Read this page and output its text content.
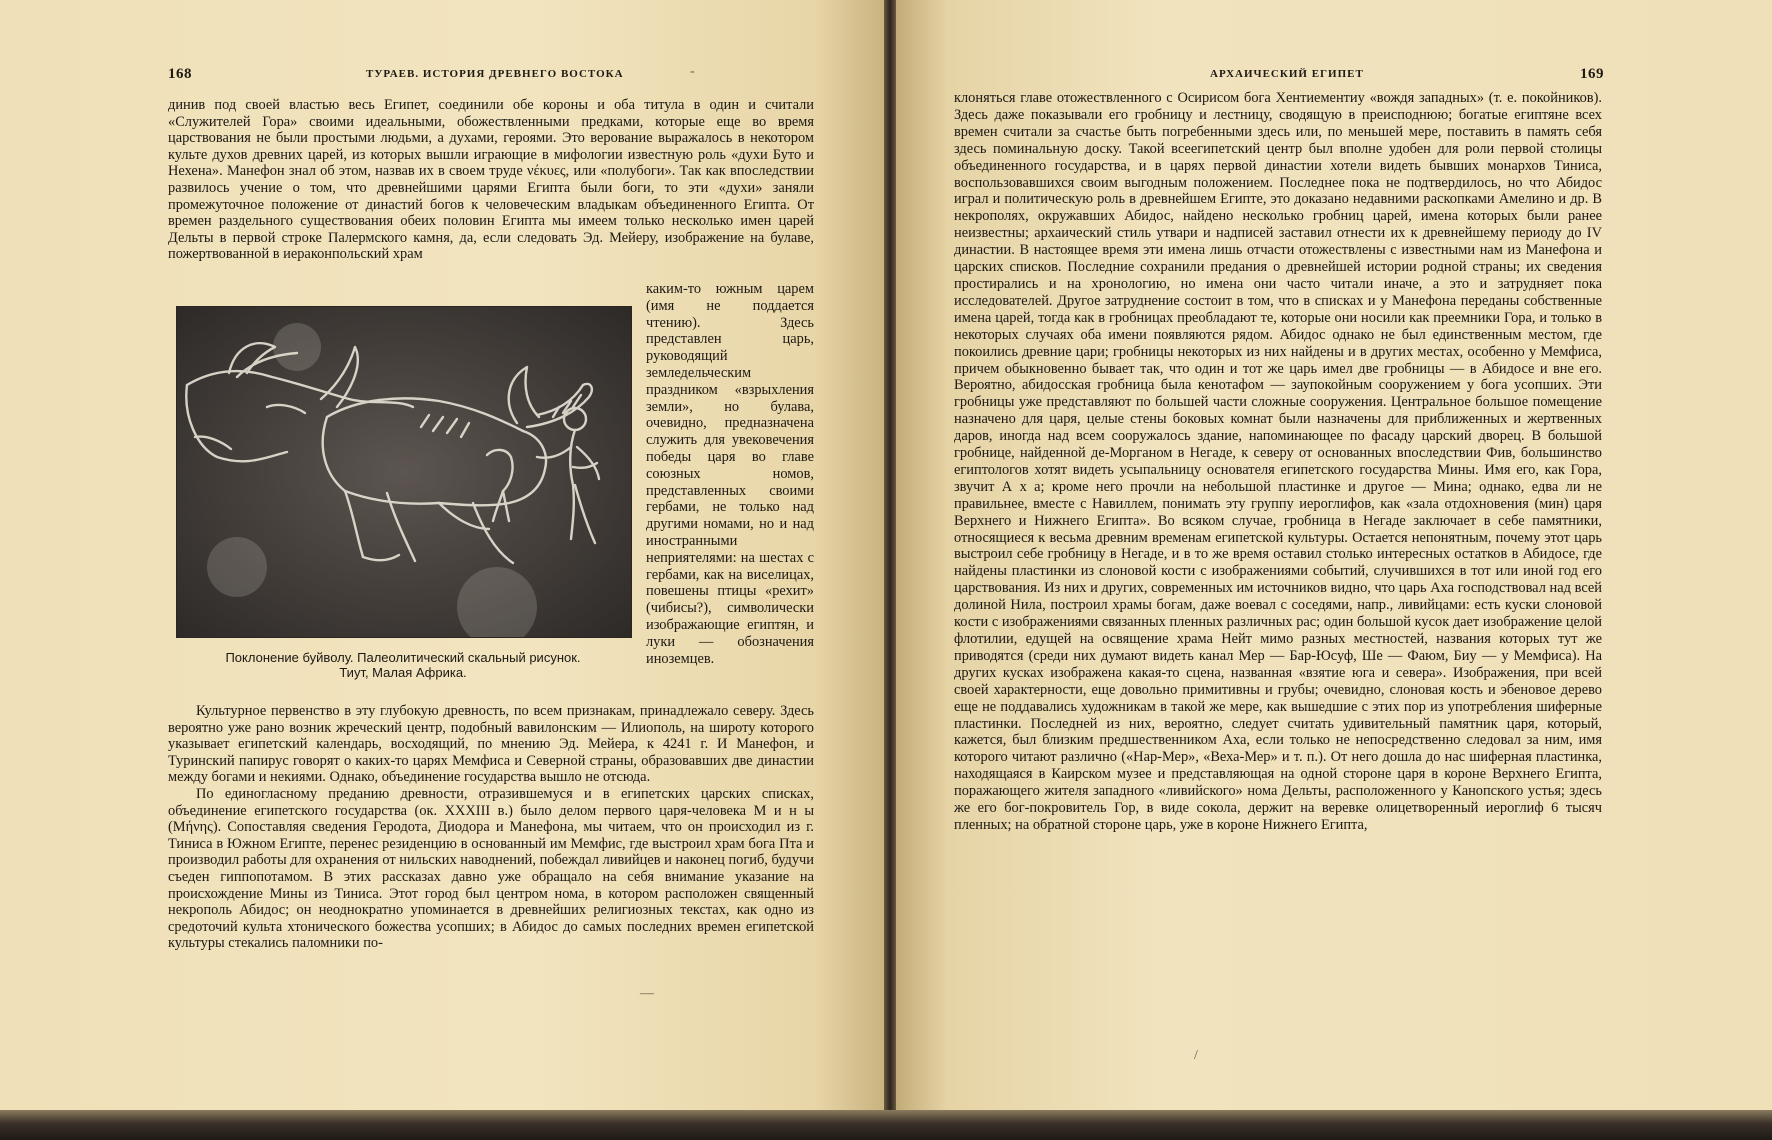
168	ТУРАЕВ. ИСТОРИЯ ДРЕВНЕГО ВОСТОКА

динив под своей властью весь Египет, соединили обе короны и оба титула в один и считали «Служителей Гора» своими идеальными, обожествленными предками, которые еще во время царствования не были простыми людьми, а духами, героями. Это верование выражалось в некотором культе духов древних царей, из которых вышли играющие в мифологии известную роль «духи Буто и Нехена». Манефон знал об этом, назвав их в своем труде νέκυες, или «полубоги». Так как впоследствии развилось учение о том, что древнейшими царями Египта были боги, то эти «духи» заняли промежуточное положение от династий богов к человеческим владыкам объединенного Египта. От времен раздельного существования обеих половин Египта мы имеем только несколько имен царей Дельты в первой строке Палермского камня, да, если следовать Эд. Мейеру, изображение на булаве, пожертвованной в иераконпольский храм

Поклонение буйволу. Палеолитический скальный рисунок.
Тиут, Малая Африка.

каким-то южным царем (имя не поддается чтению). Здесь представлен царь, руководящий земледельческим праздником «взрыхления земли», но булава, очевидно, предназначена служить для увековечения победы царя во главе союзных номов, представленных своими гербами, не только над другими номами, но и над иностранными неприятелями: на шестах с гербами, как на виселицах, повешены птицы «рехит» (чибисы?), символически изображающие египтян, и луки — обозначения иноземцев.

Культурное первенство в эту глубокую древность, по всем признакам, принадлежало северу. Здесь вероятно уже рано возник жреческий центр, подобный вавилонским — Илиополь, на широту которого указывает египетский календарь, восходящий, по мнению Эд. Мейера, к 4241 г. И Манефон, и Туринский папирус говорят о каких-то царях Мемфиса и Северной страны, образовавших две династии между богами и некиями. Однако, объединение государства вышло не отсюда.

По единогласному преданию древности, отразившемуся и в египетских царских списках, объединение египетского государства (ок. XXXIII в.) было делом первого царя-человека М и н ы (Μήνης). Сопоставляя сведения Геродота, Диодора и Манефона, мы читаем, что он происходил из г. Тиниса в Южном Египте, перенес резиденцию в основанный им Мемфис, где выстроил храм бога Пта и производил работы для охранения от нильских наводнений, побеждал ливийцев и наконец погиб, будучи съеден гиппопотамом. В этих рассказах давно уже обращало на себя внимание указание на происхождение Мины из Тиниса. Этот город был центром нома, в котором расположен священный некрополь Абидос; он неоднократно упоминается в древнейших религиозных текстах, как одно из средоточий культа хтонического божества усопших; в Абидос до самых последних времен египетской культуры стекались паломники по-

—
‐	АРХАИЧЕСКИЙ ЕГИПЕТ	169

клоняться главе отожествленного с Осирисом бога Хентиементиу «вождя западных» (т. е. покойников). Здесь даже показывали его гробницу и лестницу, сводящую в преисподнюю; богатые египтяне всех времен считали за счастье быть погребенными здесь или, по меньшей мере, поставить в память себя здесь поминальную доску. Такой всеегипетский центр был вполне удобен для роли первой столицы объединенного государства, и в царях первой династии хотели видеть бывших монархов Тиниса, воспользовавшихся своим выгодным положением. Последнее пока не подтвердилось, но что Абидос играл и политическую роль в древнейшем Египте, это доказано недавними раскопками Амелино и др. В некрополях, окружавших Абидос, найдено несколько гробниц царей, имена которых были ранее неизвестны; архаический стиль утвари и надписей заставил отнести их к древнейшему периоду до IV династии. В настоящее время эти имена лишь отчасти отожествлены с известными нам из Манефона и царских списков. Последние сохранили предания о древнейшей истории родной страны; их сведения простирались и на хронологию, но имена они часто читали иначе, а это и затрудняет пока исследователей. Другое затруднение состоит в том, что в списках и у Манефона переданы собственные имена царей, тогда как в гробницах преобладают те, которые они носили как преемники Гора, и только в некоторых случаях оба имени появляются рядом. Абидос однако не был единственным местом, где покоились древние цари; гробницы некоторых из них найдены и в других местах, особенно у Мемфиса, причем обыкновенно бывает так, что один и тот же царь имел две гробницы — в Абидосе и вне его. Вероятно, абидосская гробница была кенотафом — заупокойным сооружением у бога усопших. Эти гробницы уже представляют по большей части сложные сооружения. Центральное большое помещение назначено для царя, целые стены боковых комнат были назначены для приближенных и жертвенных даров, иногда над всем сооружалось здание, напоминающее по фасаду царский дворец. В большой гробнице, найденной де-Морганом в Негаде, к северу от основанных впоследствии Фив, большинство египтологов хотят видеть усыпальницу основателя египетского государства Мины. Имя его, как Гора, звучит А х а; кроме него прочли на небольшой пластинке и другое — Мина; однако, едва ли не правильнее, вместе с Навиллем, понимать эту группу иероглифов, как «зала отдохновения (мин) царя Верхнего и Нижнего Египта». Во всяком случае, гробница в Негаде заключает в себе памятники, относящиеся к весьма древним временам египетской культуры. Остается непонятным, почему этот царь выстроил себе гробницу в Негаде, и в то же время оставил столько интересных остатков в Абидосе, где найдены пластинки из слоновой кости с изображениями событий, случившихся в тот или иной год его царствования. Из них и других, современных им источников видно, что царь Аха господствовал над всей долиной Нила, построил храмы богам, даже воевал с соседями, напр., ливийцами: есть куски слоновой кости с изображениями связанных пленных различных рас; один большой кусок дает изображение целой флотилии, едущей на освящение храма Нейт мимо разных местностей, названия которых тут же приводятся (среди них думают видеть канал Мер — Бар-Юсуф, Ше — Фаюм, Биу — у Мемфиса). На других кусках изображена какая-то сцена, названная «взятие юга и севера». Изображения, при всей своей характерности, еще довольно примитивны и грубы; очевидно, слоновая кость и эбеновое дерево еще не поддавались художникам в такой же мере, как вышедшие с этих пор из употребления шиферные пластинки. Последней из них, вероятно, следует считать удивительный памятник царя, который, кажется, был близким предшественником Аха, если только не непосредственно следовал за ним, имя которого читают различно («Нар-Мер», «Веха-Мер» и т. п.). От него дошла до нас шиферная пластинка, находящаяся в Каирском музее и представляющая на одной стороне царя в короне Верхнего Египта, поражающего жителя западного «ливийского» нома Дельты, расположенного у Канопского устья; здесь же его бог-покровитель Гор, в виде сокола, держит на веревке олицетворенный иероглиф 6 тысяч пленных; на обратной стороне царь, уже в короне Нижнего Египта,

/
